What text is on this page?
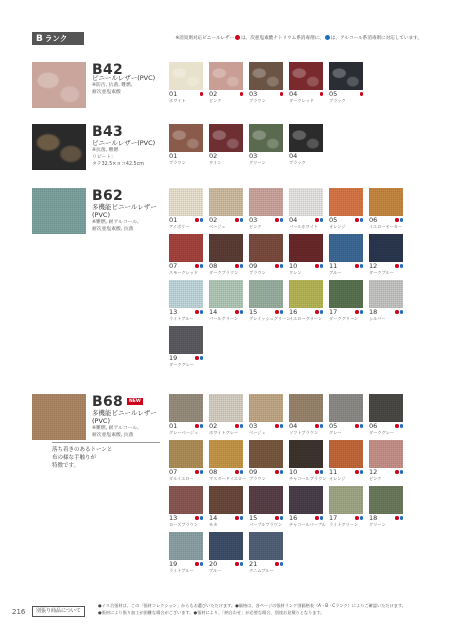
B ランク	※消臭剤対応ビニールレザー は、次亜塩素酸ナトリウム系消毒剤に、 は、アルコール系消毒剤に対応しています。
B42
ビニールレザー(PVC)
※防汚, 抗菌, 難燃,
耐次亜塩素酸	01
ホワイト
02
ピンク
03
ブラウン
04
ダークレッド
05
ブラック
B43
ビニールレザー(PVC)
※抗菌, 難燃
リピート：
タテ32.5×ヨコ42.5cm
01
ブラウン
02
ワイン
03
グリーン
04
ブラック
B62
多機能ビニールレザー
(PVC)
※難燃, 耐アルコール,
耐次亜塩素酸, 抗菌
01
アイボリー
02
ベージュ
03
ピンク
04
パールホワイト
05
オレンジ
06
イエローオーカー
07
スモークレッド
08
ダークブラウン
09
ブラウン
10
ワレン
11
ブルー
12
ダークブルー
13
ライトブルー
14
パールグリーン
15
グレイッシュグリーン
16
イエローグリーン
17
ダークグリーン
18
シルバー
19
ダークグレー
B68	NEW
多機能ビニールレザー
(PVC)
※難燃, 耐アルコール,
耐次亜塩素酸, 抗菌
落ち着きのあるトーンと
布の様な手触りが
特徴です。
01
グレーベージュ
02
ホワイトグレー
03
ベージュ
04
ソフトブラウン
05
グレー
06
ダークグレー
07
ダルイエロー
08
マスタードイエロー
09
ブラウン
10
チャコールブラウン
11
オレンジ
12
ピンク
13
ローズブラウン
14
モカ
15
パープルブラウン
16
チャコールパープル
17
ライトグリーン
18
グリーン
19
ライトブルー
20
ブルー
21
デニムブルー
216	別張り商品について
●イス合張材は、この「張材コレクション」からもお選びいただけます。●価格は、各ページの張材ランク別価格表（A・B・Cランク）によりご確認いただけます。
●張材により張り加工が困難な場合がございます。●張材により、「納合わせ」が必要な場合、別途お見積りとなります。
